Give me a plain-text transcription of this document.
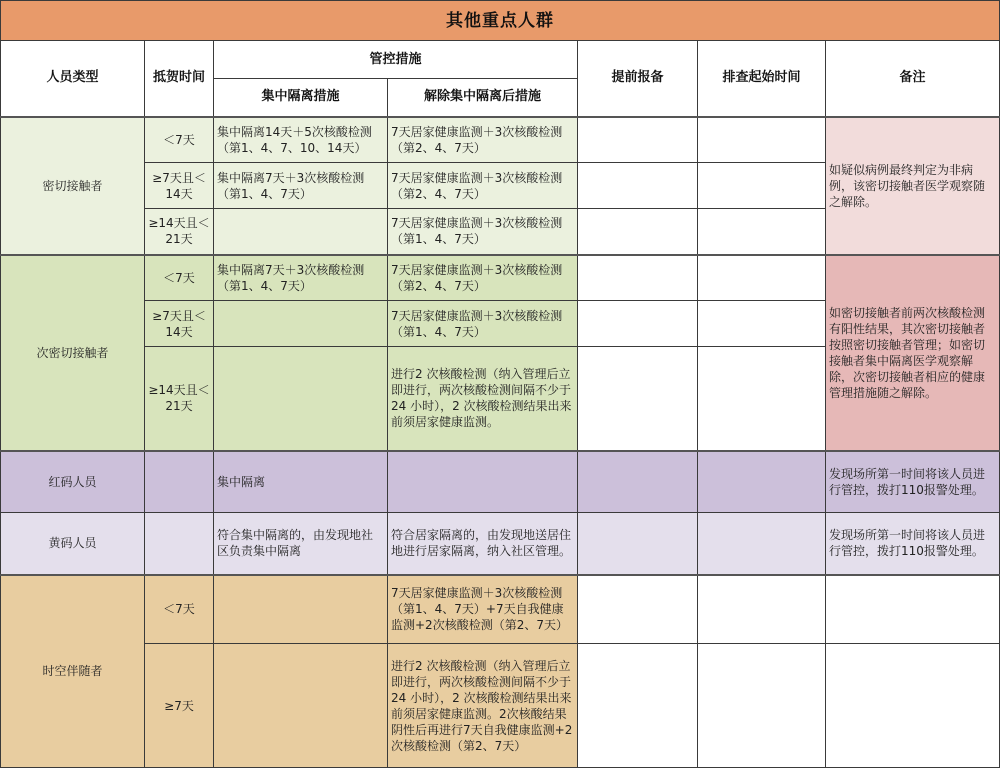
其他重点人群						
人员类型	抵贺时间	管控措施		提前报备	排查起始时间	备注
		集中隔离措施	解除集中隔离后措施			
密切接触者	＜7天	集中隔离14天＋5次核酸检测（第1、4、7、10、14天）	7天居家健康监测＋3次核酸检测（第2、4、7天）			如疑似病例最终判定为非病例，该密切接触者医学观察随之解除。
	≥7天且＜14天	集中隔离7天＋3次核酸检测（第1、4、7天）	7天居家健康监测＋3次核酸检测（第2、4、7天）			
	≥14天且＜21天		7天居家健康监测＋3次核酸检测（第1、4、7天）			
次密切接触者	＜7天	集中隔离7天＋3次核酸检测（第1、4、7天）	7天居家健康监测＋3次核酸检测（第2、4、7天）			如密切接触者前两次核酸检测有阳性结果，其次密切接触者按照密切接触者管理；如密切接触者集中隔离医学观察解除，次密切接触者相应的健康管理措施随之解除。
	≥7天且＜14天		7天居家健康监测＋3次核酸检测（第1、4、7天）			
	≥14天且＜21天		进行2 次核酸检测（纳入管理后立即进行，两次核酸检测间隔不少于 24 小时），2 次核酸检测结果出来前须居家健康监测。			
红码人员		集中隔离				发现场所第一时间将该人员进行管控，拨打110报警处理。
黄码人员		符合集中隔离的，由发现地社区负责集中隔离	符合居家隔离的，由发现地送居住地进行居家隔离，纳入社区管理。			发现场所第一时间将该人员进行管控，拨打110报警处理。
时空伴随者	＜7天		7天居家健康监测＋3次核酸检测（第1、4、7天）+7天自我健康监测+2次核酸检测（第2、7天）			
	≥7天		进行2 次核酸检测（纳入管理后立即进行，两次核酸检测间隔不少于 24 小时），2 次核酸检测结果出来前须居家健康监测。2次核酸结果阴性后再进行7天自我健康监测+2次核酸检测（第2、7天）			
